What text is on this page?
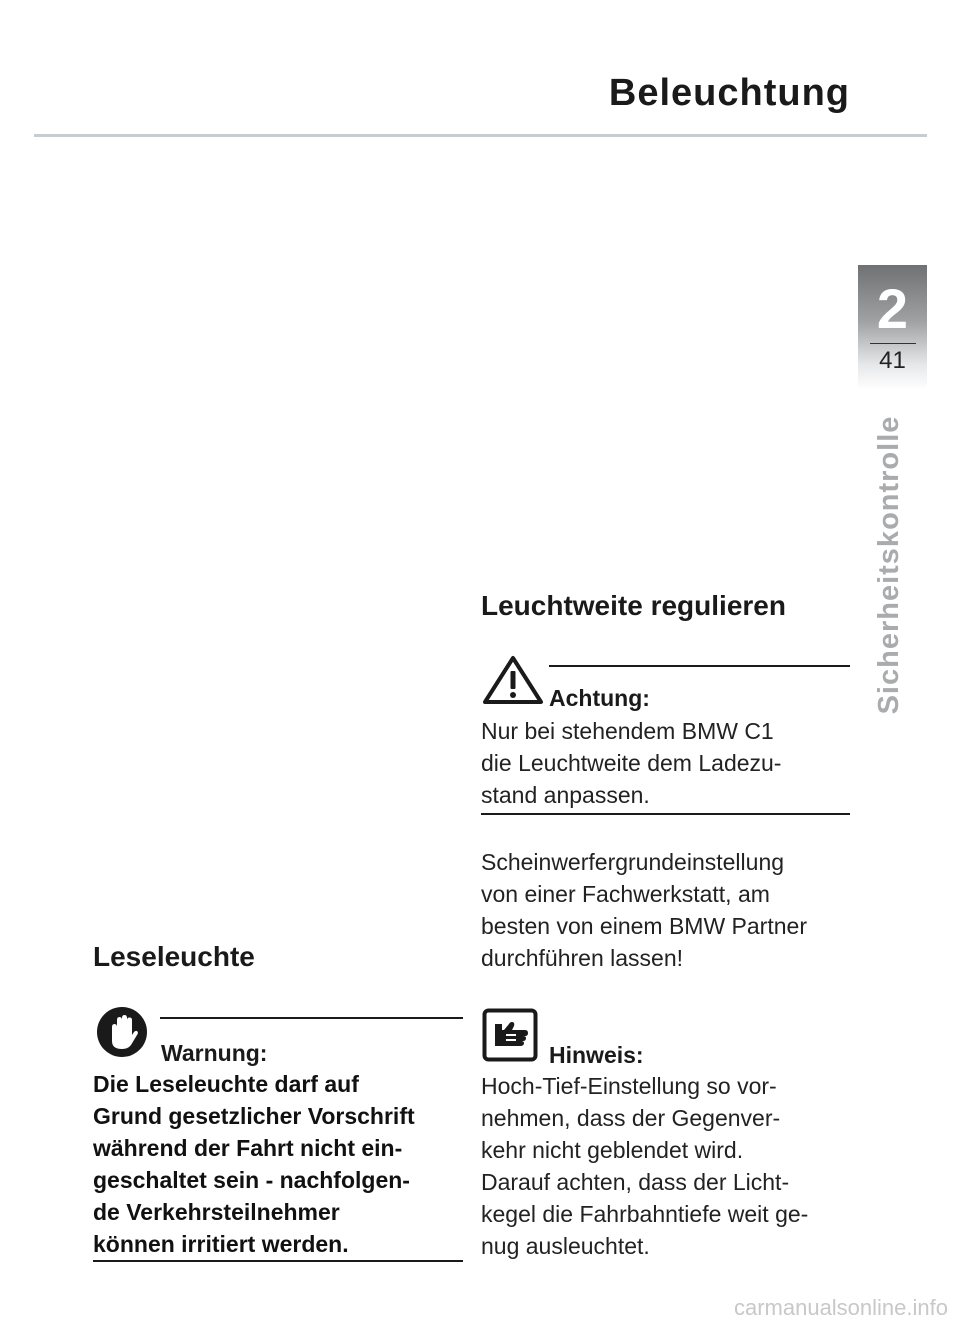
Beleuchtung
2
41
Sicherheitskontrolle
Leseleuchte
Warnung:
Die Leseleuchte darf auf
Grund gesetzlicher Vorschrift
während der Fahrt nicht ein-
geschaltet sein - nachfolgen-
de Verkehrsteilnehmer
können irritiert werden.
Leuchtweite regulieren
Achtung:
Nur bei stehendem BMW C1
die Leuchtweite dem Ladezu-
stand anpassen.
Scheinwerfergrundeinstellung
von einer Fachwerkstatt, am
besten von einem BMW Partner
durchführen lassen!
Hinweis:
Hoch-Tief-Einstellung so vor-
nehmen, dass der Gegenver-
kehr nicht geblendet wird.
Darauf achten, dass der Licht-
kegel die Fahrbahntiefe weit ge-
nug ausleuchtet.
carmanualsonline.info
